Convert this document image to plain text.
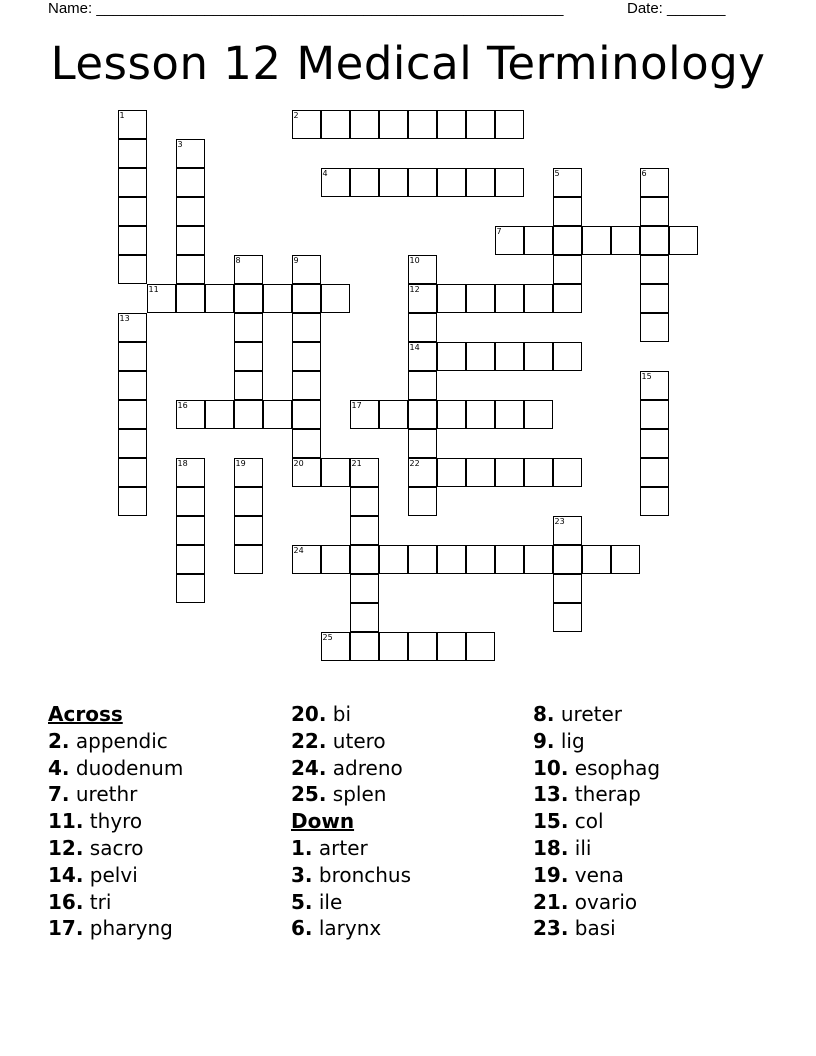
Name: ________________________________________________________	Date: _______
Lesson 12 Medical Terminology
1	2
3
4	5	6
7
8	9
20
10
12
14
22
11
13
15
16	17
18	19	21
23
24
25
Across
2. appendic
4. duodenum
7. urethr
11. thyro
12. sacro
14. pelvi
16. tri
17. pharyng
20. bi
22. utero
24. adreno
25. splen
Down
1. arter
3. bronchus
5. ile
6. larynx
8. ureter
9. lig
10. esophag
13. therap
15. col
18. ili
19. vena
21. ovario
23. basi
